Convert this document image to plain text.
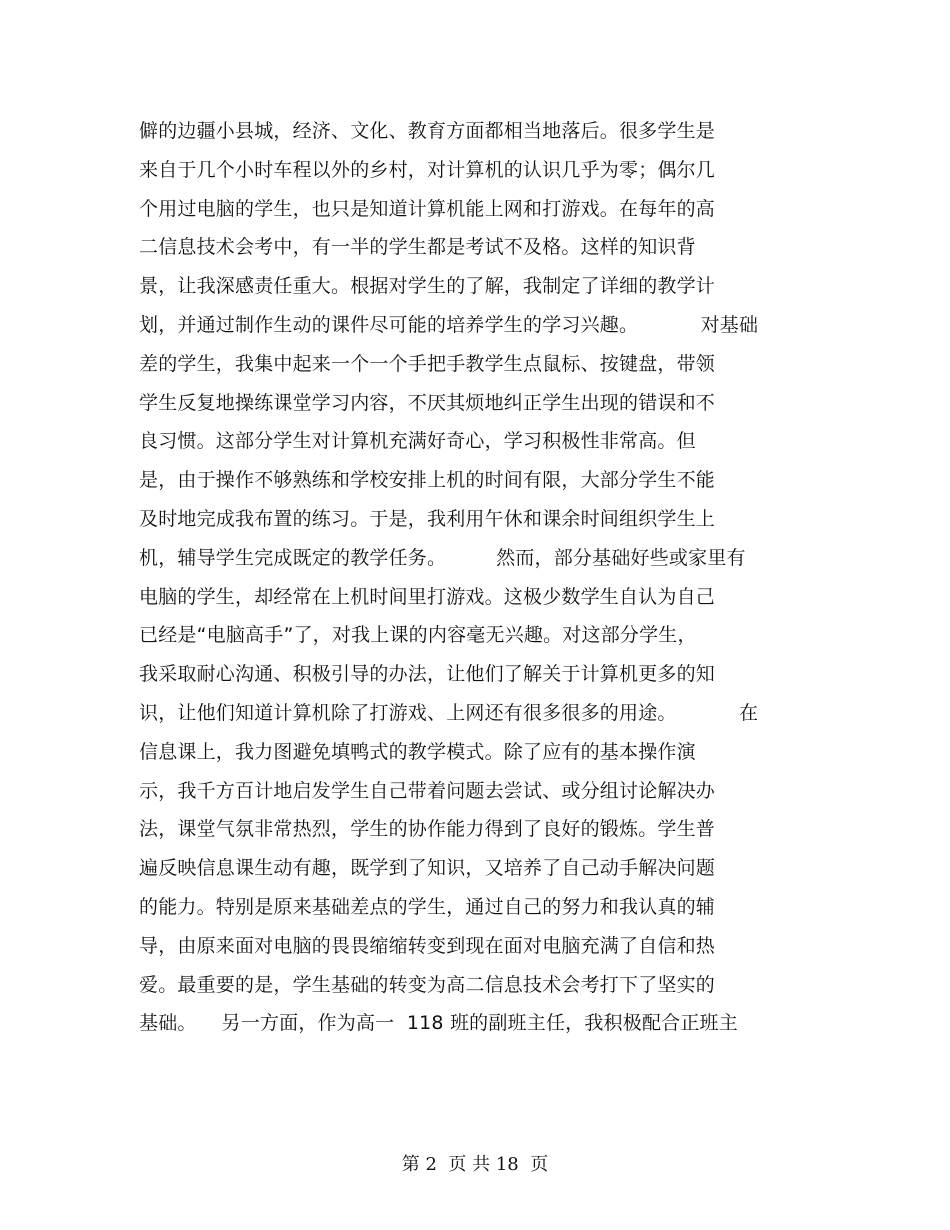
僻的边疆小县城，经济、文化、教育方面都相当地落后。很多学生是
来自于几个小时车程以外的乡村，对计算机的认识几乎为零；偶尔几
个用过电脑的学生，也只是知道计算机能上网和打游戏。在每年的高
二信息技术会考中，有一半的学生都是考试不及格。这样的知识背
景，让我深感责任重大。根据对学生的了解，我制定了详细的教学计
划，并通过制作生动的课件尽可能的培养学生的学习兴趣。          对基础
差的学生，我集中起来一个一个手把手教学生点鼠标、按键盘，带领
学生反复地操练课堂学习内容，不厌其烦地纠正学生出现的错误和不
良习惯。这部分学生对计算机充满好奇心，学习积极性非常高。但
是，由于操作不够熟练和学校安排上机的时间有限，大部分学生不能
及时地完成我布置的练习。于是，我利用午休和课余时间组织学生上
机，辅导学生完成既定的教学任务。        然而，部分基础好些或家里有
电脑的学生，却经常在上机时间里打游戏。这极少数学生自认为自己
已经是“电脑高手”了，对我上课的内容毫无兴趣。对这部分学生，
我采取耐心沟通、积极引导的办法，让他们了解关于计算机更多的知
识，让他们知道计算机除了打游戏、上网还有很多很多的用途。          在
信息课上，我力图避免填鸭式的教学模式。除了应有的基本操作演
示，我千方百计地启发学生自己带着问题去尝试、或分组讨论解决办
法，课堂气氛非常热烈，学生的协作能力得到了良好的锻炼。学生普
遍反映信息课生动有趣，既学到了知识，又培养了自己动手解决问题
的能力。特别是原来基础差点的学生，通过自己的努力和我认真的辅
导，由原来面对电脑的畏畏缩缩转变到现在面对电脑充满了自信和热
爱。最重要的是，学生基础的转变为高二信息技术会考打下了坚实的
基础。    另一方面，作为高一  118 班的副班主任，我积极配合正班主
第 2  页 共 18  页
